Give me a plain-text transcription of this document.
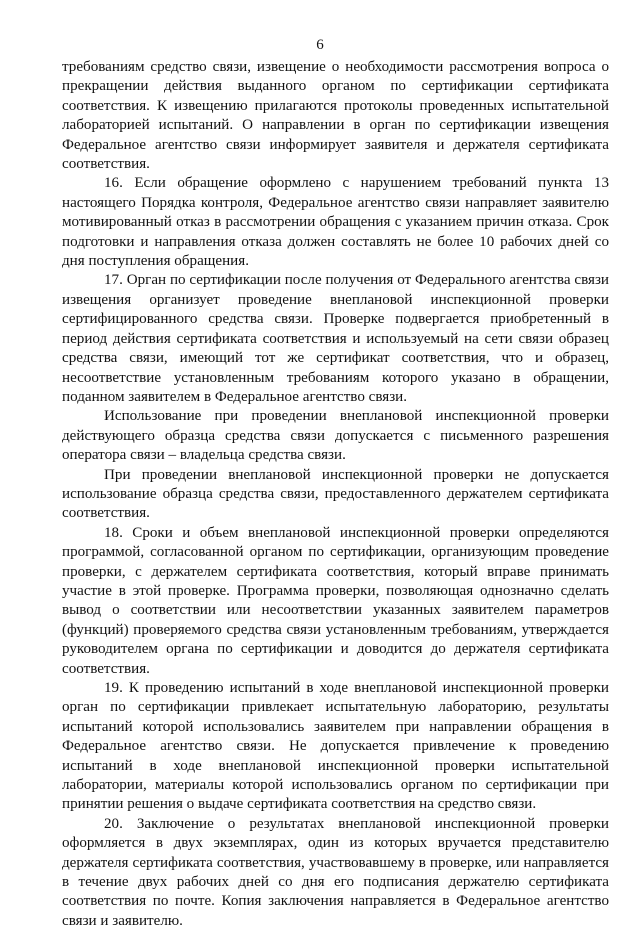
6

требованиям средство связи, извещение о необходимости рассмотрения вопроса о прекращении действия выданного органом по сертификации сертификата соответствия. К извещению прилагаются протоколы проведенных испытательной лабораторией испытаний. О направлении в орган по сертификации извещения Федеральное агентство связи информирует заявителя и держателя сертификата соответствия.

16. Если обращение оформлено с нарушением требований пункта 13 настоящего Порядка контроля, Федеральное агентство связи направляет заявителю мотивированный отказ в рассмотрении обращения с указанием причин отказа. Срок подготовки и направления отказа должен составлять не более 10 рабочих дней со дня поступления обращения.

17. Орган по сертификации после получения от Федерального агентства связи извещения организует проведение внеплановой инспекционной проверки сертифицированного средства связи. Проверке подвергается приобретенный в период действия сертификата соответствия и используемый на сети связи образец средства связи, имеющий тот же сертификат соответствия, что и образец, несоответствие установленным требованиям которого указано в обращении, поданном заявителем в Федеральное агентство связи.

Использование при проведении внеплановой инспекционной проверки действующего образца средства связи допускается с письменного разрешения оператора связи – владельца средства связи.

При проведении внеплановой инспекционной проверки не допускается использование образца средства связи, предоставленного держателем сертификата соответствия.

18. Сроки и объем внеплановой инспекционной проверки определяются программой, согласованной органом по сертификации, организующим проведение проверки, с держателем сертификата соответствия, который вправе принимать участие в этой проверке. Программа проверки, позволяющая однозначно сделать вывод о соответствии или несоответствии указанных заявителем параметров (функций) проверяемого средства связи установленным требованиям, утверждается руководителем органа по сертификации и доводится до держателя сертификата соответствия.

19. К проведению испытаний в ходе внеплановой инспекционной проверки орган по сертификации привлекает испытательную лабораторию, результаты испытаний которой использовались заявителем при направлении обращения в Федеральное агентство связи. Не допускается привлечение к проведению испытаний в ходе внеплановой инспекционной проверки испытательной лаборатории, материалы которой использовались органом по сертификации при принятии решения о выдаче сертификата соответствия на средство связи.

20. Заключение о результатах внеплановой инспекционной проверки оформляется в двух экземплярах, один из которых вручается представителю держателя сертификата соответствия, участвовавшему в проверке, или направляется в течение двух рабочих дней со дня его подписания держателю сертификата соответствия по почте. Копия заключения направляется в Федеральное агентство связи и заявителю.
